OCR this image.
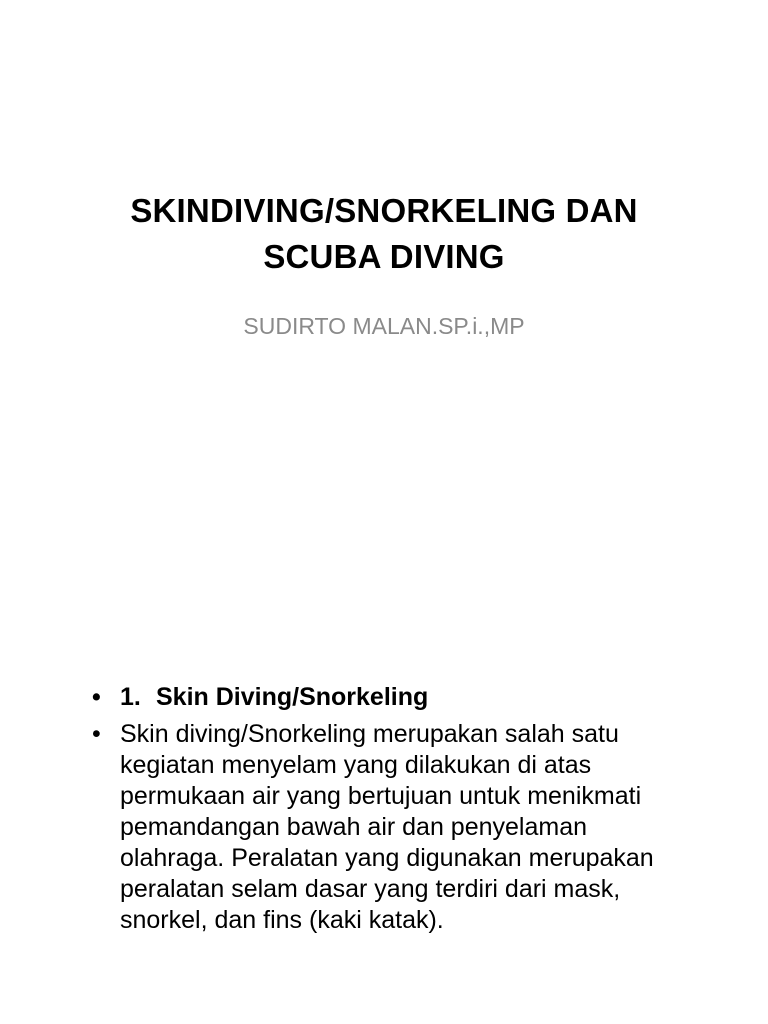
SKINDIVING/SNORKELING DAN
SCUBA DIVING
SUDIRTO MALAN.SP.i.,MP
• 1. Skin Diving/Snorkeling
• Skin diving/Snorkeling merupakan salah satu kegiatan menyelam yang dilakukan di atas permukaan air yang bertujuan untuk menikmati pemandangan bawah air dan penyelaman olahraga. Peralatan yang digunakan merupakan peralatan selam dasar yang terdiri dari mask, snorkel, dan fins (kaki katak).
